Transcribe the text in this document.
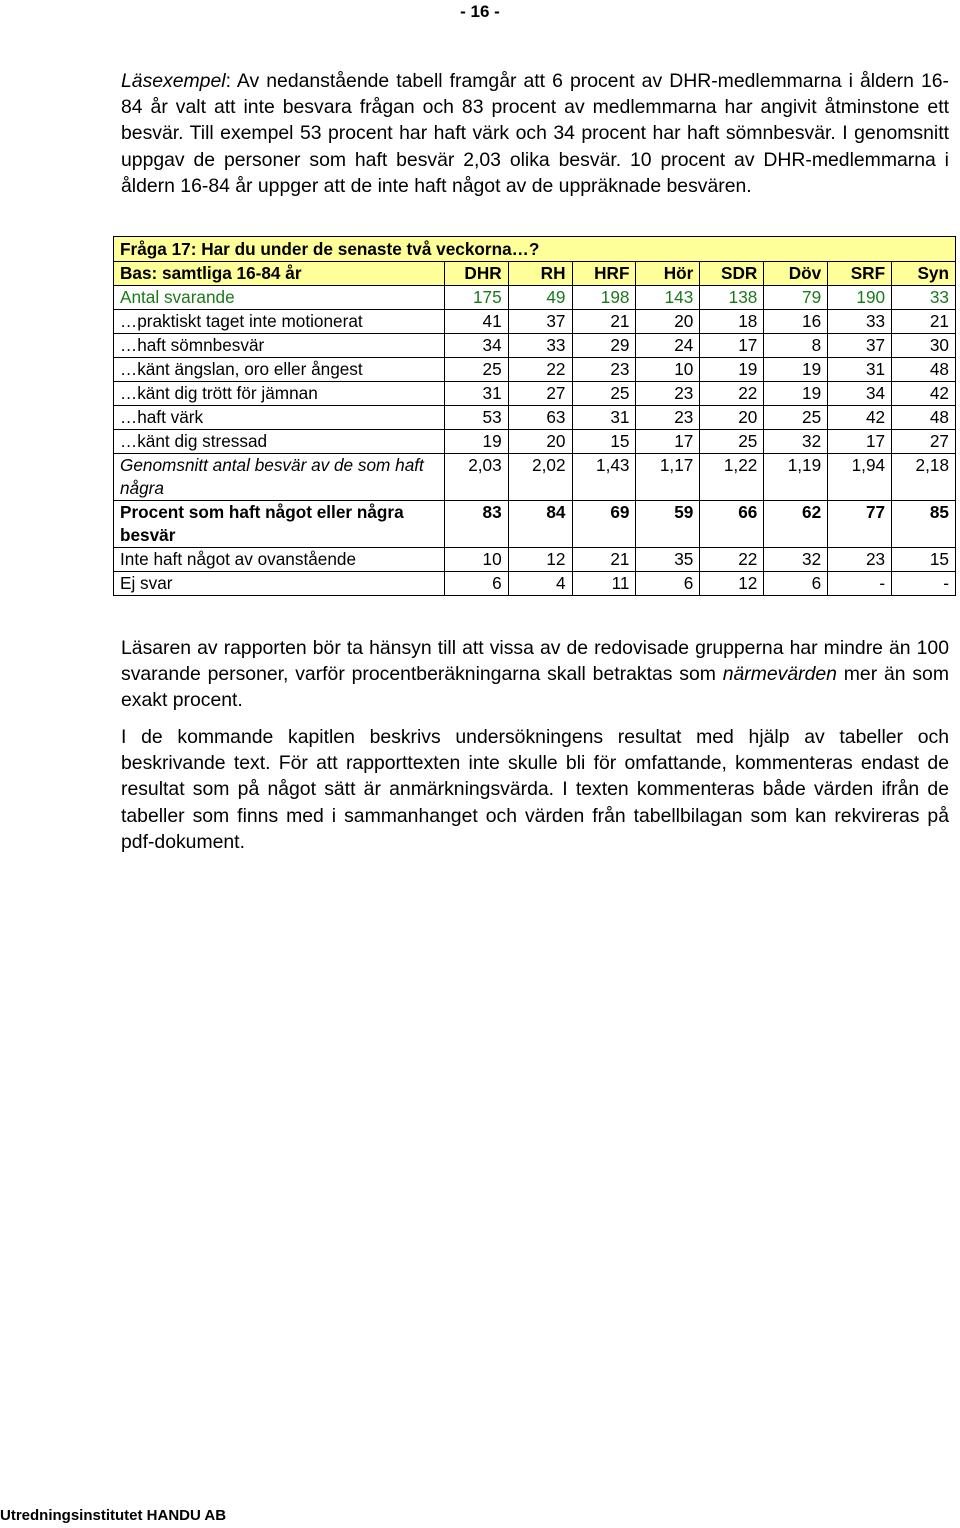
- 16 -

Läsexempel: Av nedanstående tabell framgår att 6 procent av DHR-medlemmarna i åldern 16-84 år valt att inte besvara frågan och 83 procent av medlemmarna har angivit åtminstone ett besvär. Till exempel 53 procent har haft värk och 34 procent har haft sömnbesvär. I genomsnitt uppgav de personer som haft besvär 2,03 olika besvär. 10 procent av DHR-medlemmarna i åldern 16-84 år uppger att de inte haft något av de uppräknade besvären.

Fråga 17: Har du under de senaste två veckorna…?								
Bas: samtliga 16-84 år	DHR	RH	HRF	Hör	SDR	Döv	SRF	Syn
Antal svarande	175	49	198	143	138	79	190	33
…praktiskt taget inte motionerat	41	37	21	20	18	16	33	21
…haft sömnbesvär	34	33	29	24	17	8	37	30
…känt ängslan, oro eller ångest	25	22	23	10	19	19	31	48
…känt dig trött för jämnan	31	27	25	23	22	19	34	42
…haft värk	53	63	31	23	20	25	42	48
…känt dig stressad	19	20	15	17	25	32	17	27
Genomsnitt antal besvär av de som haft några	2,03	2,02	1,43	1,17	1,22	1,19	1,94	2,18
Procent som haft något eller några besvär	83	84	69	59	66	62	77	85
Inte haft något av ovanstående	10	12	21	35	22	32	23	15
Ej svar	6	4	11	6	12	6	-	-

Läsaren av rapporten bör ta hänsyn till att vissa av de redovisade grupperna har mindre än 100 svarande personer, varför procentberäkningarna skall betraktas som närmevärden mer än som exakt procent.

I de kommande kapitlen beskrivs undersökningens resultat med hjälp av tabeller och beskrivande text. För att rapporttexten inte skulle bli för omfattande, kommenteras endast de resultat som på något sätt är anmärkningsvärda. I texten kommenteras både värden ifrån de tabeller som finns med i sammanhanget och värden från tabellbilagan som kan rekvireras på pdf-dokument.

Utredningsinstitutet HANDU AB
